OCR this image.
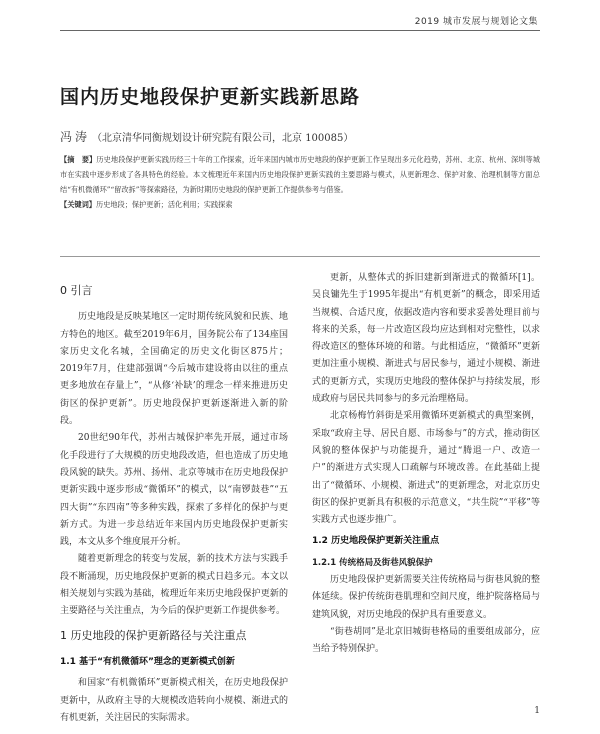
2019 城市发展与规划论文集
国内历史地段保护更新实践新思路
冯涛 （北京清华同衡规划设计研究院有限公司，北京 100085）
【摘　要】历史地段保护更新实践历经三十年的工作探索，近年来国内城市历史地段的保护更新工作呈现出多元化趋势，苏州、北京、杭州、深圳等城市在实践中逐步形成了各具特色的经验。本文梳理近年来国内历史地段保护更新实践的主要思路与模式，从更新理念、保护对象、治理机制等方面总结“有机微循环”“留改拆”等探索路径，为新时期历史地段的保护更新工作提供参考与借鉴。
【关键词】历史地段；保护更新；活化利用；实践探索
0 引言

历史地段是反映某地区一定时期传统风貌和民族、地方特色的地区。截至2019年6月，国务院公布了134座国家历史文化名城，全国确定的历史文化街区875片；2019年7月，住建部强调“今后城市建设将由以往的重点更多地放在存量上”，“从修‘补缺’的理念一样来推进历史街区的保护更新”。历史地段保护更新逐渐进入新的阶段。

20世纪90年代，苏州古城保护率先开展，通过市场化手段进行了大规模的历史地段改造，但也造成了历史地段风貌的缺失。苏州、扬州、北京等城市在历史地段保护更新实践中逐步形成“微循环”的模式，以“南锣鼓巷”“五四大街”“东四南”等多种实践，探索了多样化的保护与更新方式。为进一步总结近年来国内历史地段保护更新实践，本文从多个维度展开分析。

随着更新理念的转变与发展，新的技术方法与实践手段不断涌现，历史地段保护更新的模式日趋多元。本文以相关规划与实践为基础，梳理近年来历史地段保护更新的主要路径与关注重点，为今后的保护更新工作提供参考。

1 历史地段的保护更新路径与关注重点
1.1 基于“有机微循环”理念的更新模式创新

和国家“有机微循环”更新模式相关，在历史地段保护更新中，从政府主导的大规模改造转向小规模、渐进式的有机更新，关注居民的实际需求。

更新，从整体式的拆旧建新到渐进式的微循环[1]。吴良镛先生于1995年提出“有机更新”的概念，即采用适当规模、合适尺度，依据改造内容和要求妥善处理目前与将来的关系，每一片改造区段均应达到相对完整性，以求得改造区的整体环境的和谐。与此相适应，“微循环”更新更加注重小规模、渐进式与居民参与，通过小规模、渐进式的更新方式，实现历史地段的整体保护与持续发展，形成政府与居民共同参与的多元治理格局。

北京杨梅竹斜街是采用微循环更新模式的典型案例，采取“政府主导、居民自愿、市场参与”的方式，推动街区风貌的整体保护与功能提升，通过“腾退一户、改造一户”的渐进方式实现人口疏解与环境改善。在此基础上提出了“微循环、小规模、渐进式”的更新理念，对北京历史街区的保护更新具有积极的示范意义，“共生院”“平移”等实践方式也逐步推广。

1.2 历史地段保护更新关注重点
1.2.1 传统格局及街巷风貌保护

历史地段保护更新需要关注传统格局与街巷风貌的整体延续。保护传统街巷肌理和空间尺度，维护院落格局与建筑风貌，对历史地段的保护具有重要意义。

“街巷胡同”是北京旧城街巷格局的重要组成部分，应当给予特别保护。

1
